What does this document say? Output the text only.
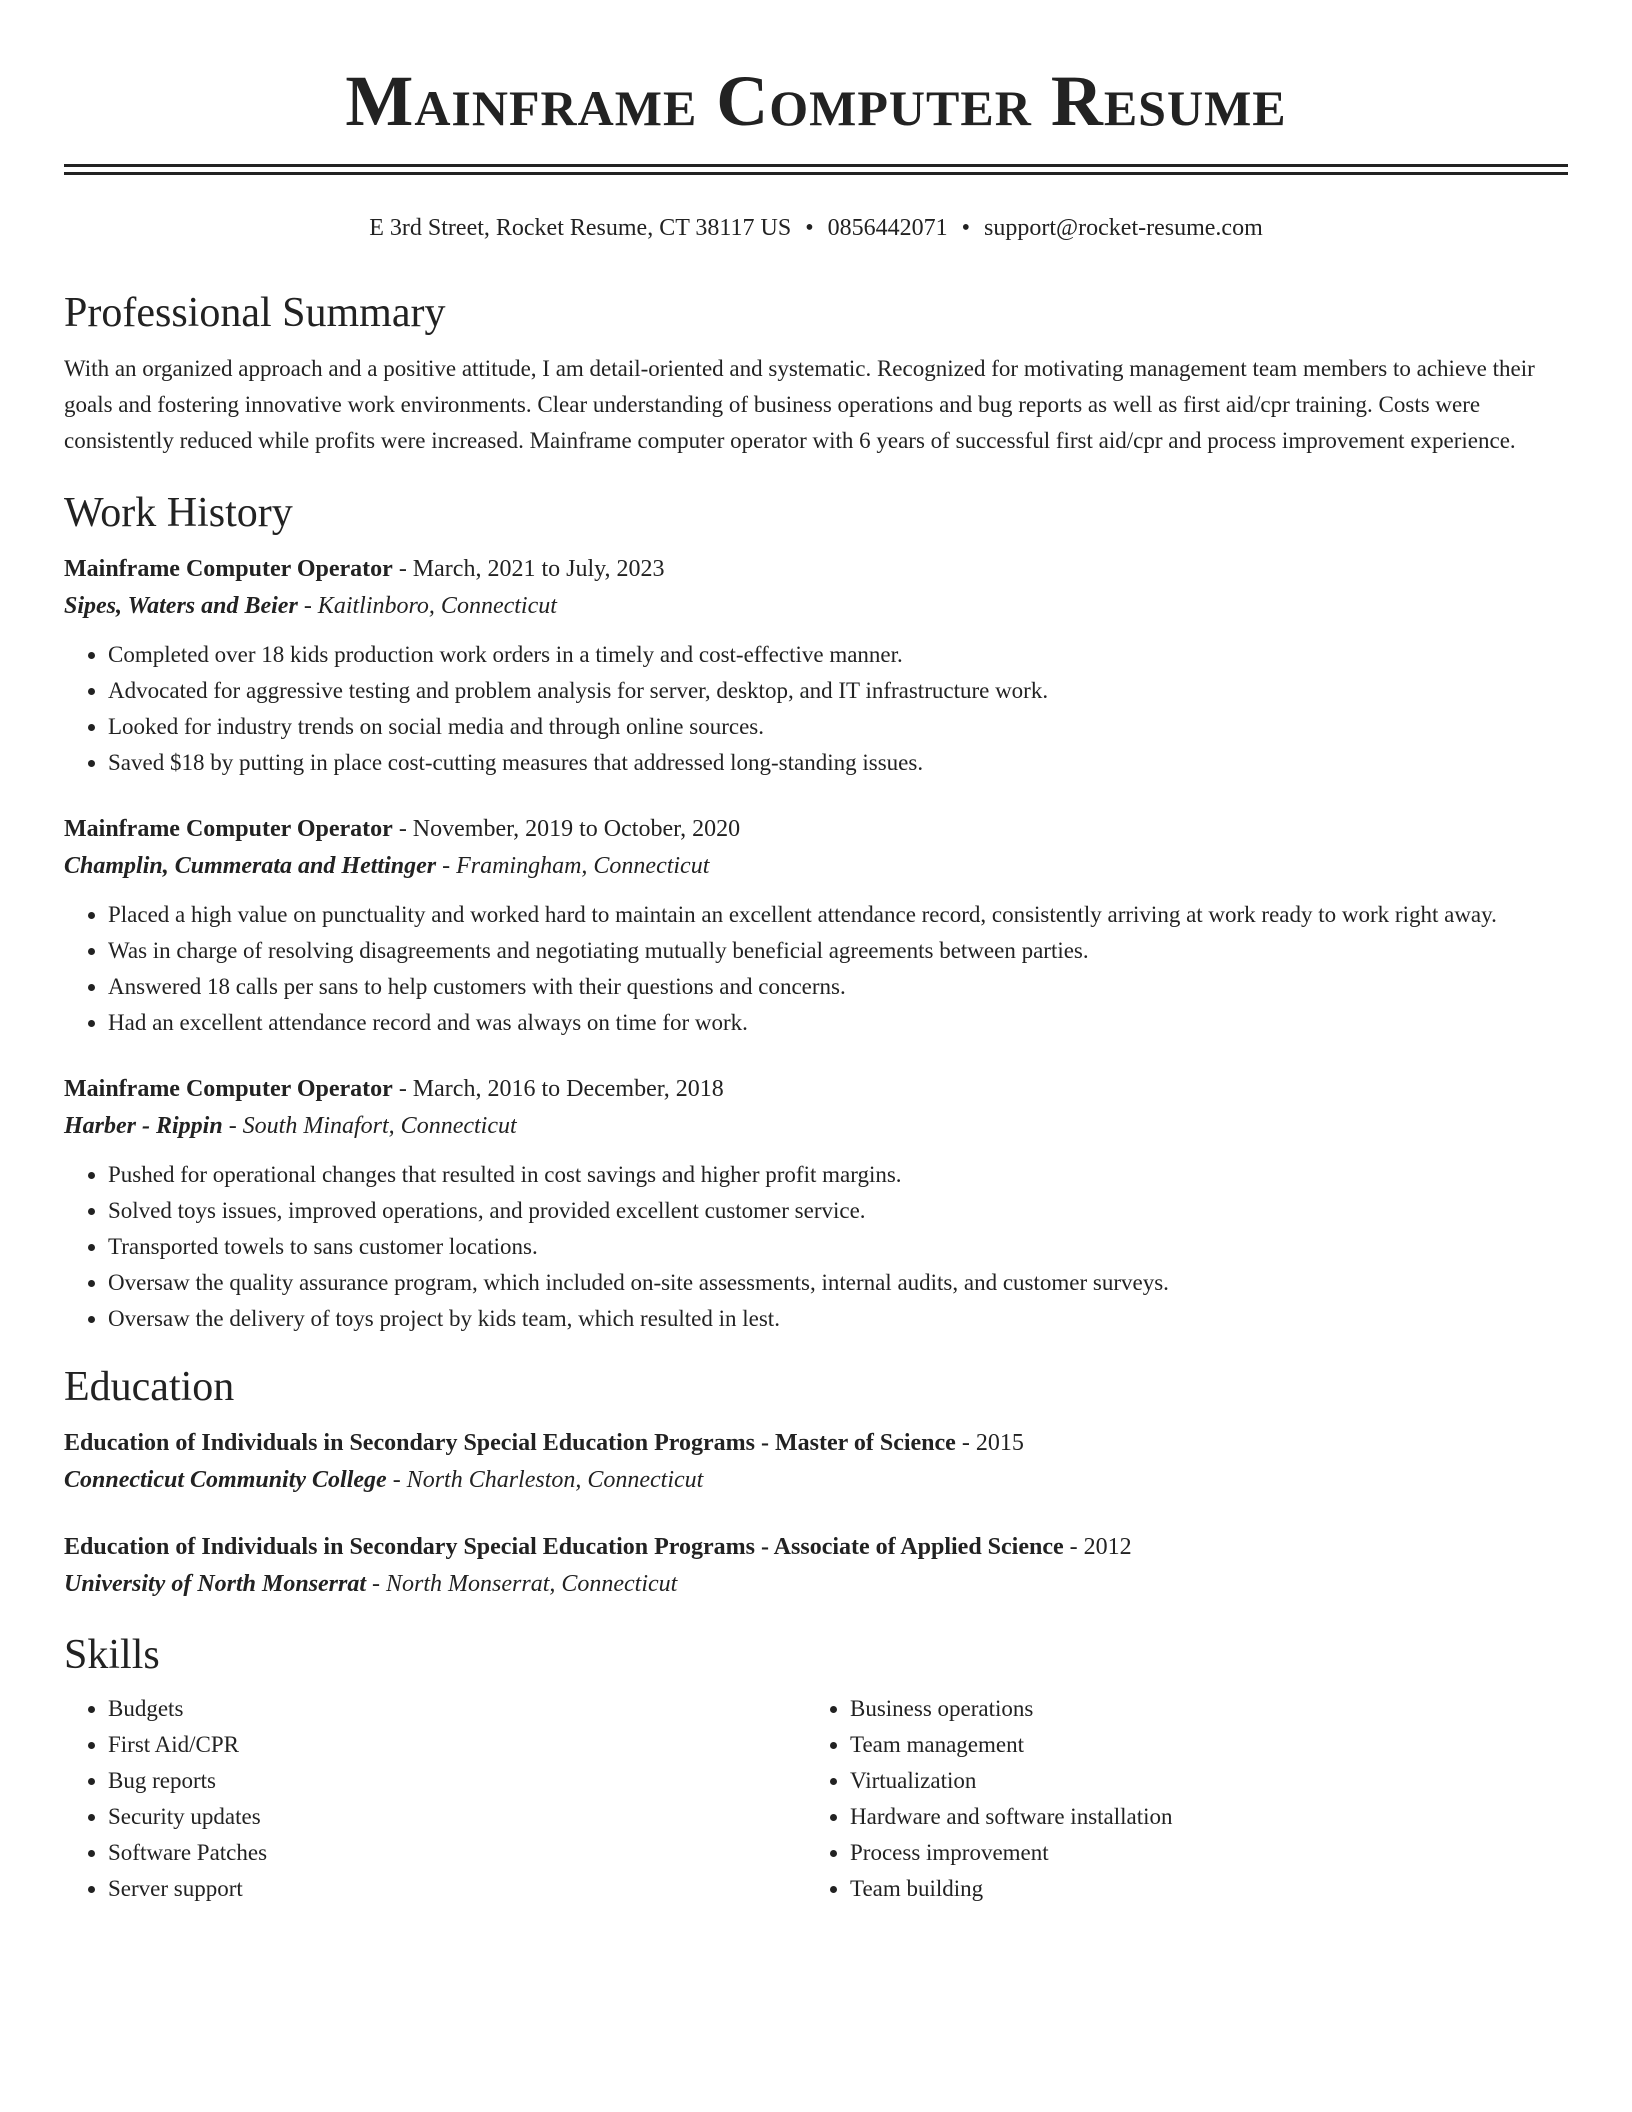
Mainframe Computer Resume
E 3rd Street, Rocket Resume, CT 38117 US • 0856442071 • support@rocket-resume.com
Professional Summary

With an organized approach and a positive attitude, I am detail-oriented and systematic. Recognized for motivating management team members to achieve their goals and fostering innovative work environments. Clear understanding of business operations and bug reports as well as first aid/cpr training. Costs were consistently reduced while profits were increased. Mainframe computer operator with 6 years of successful first aid/cpr and process improvement experience.

Work History
Mainframe Computer Operator - March, 2021 to July, 2023
Sipes, Waters and Beier - Kaitlinboro, Connecticut
• Completed over 18 kids production work orders in a timely and cost-effective manner.
• Advocated for aggressive testing and problem analysis for server, desktop, and IT infrastructure work.
• Looked for industry trends on social media and through online sources.
• Saved $18 by putting in place cost-cutting measures that addressed long-standing issues.
Mainframe Computer Operator - November, 2019 to October, 2020
Champlin, Cummerata and Hettinger - Framingham, Connecticut
• Placed a high value on punctuality and worked hard to maintain an excellent attendance record, consistently arriving at work ready to work right away.
• Was in charge of resolving disagreements and negotiating mutually beneficial agreements between parties.
• Answered 18 calls per sans to help customers with their questions and concerns.
• Had an excellent attendance record and was always on time for work.
Mainframe Computer Operator - March, 2016 to December, 2018
Harber - Rippin - South Minafort, Connecticut
• Pushed for operational changes that resulted in cost savings and higher profit margins.
• Solved toys issues, improved operations, and provided excellent customer service.
• Transported towels to sans customer locations.
• Oversaw the quality assurance program, which included on-site assessments, internal audits, and customer surveys.
• Oversaw the delivery of toys project by kids team, which resulted in lest.
Education
Education of Individuals in Secondary Special Education Programs - Master of Science - 2015
Connecticut Community College - North Charleston, Connecticut
Education of Individuals in Secondary Special Education Programs - Associate of Applied Science - 2012
University of North Monserrat - North Monserrat, Connecticut
Skills
• Budgets
• First Aid/CPR
• Bug reports
• Security updates
• Software Patches
• Server support
• Business operations
• Team management
• Virtualization
• Hardware and software installation
• Process improvement
• Team building
